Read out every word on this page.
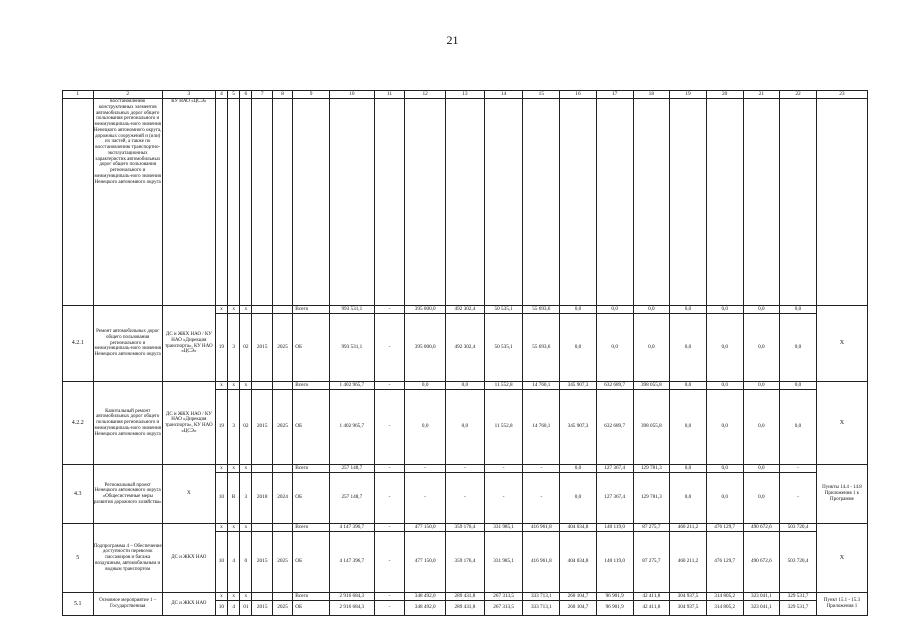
21
1	2	3	4	5	6	7	8	9	10	11	12	13	14	15	16	17	18	19	20	21	22	23
	восстановлению конструктивных элементов автомобильных дорог общего пользования регионального и межмуниципаль-ного значения Ненецкого автономного округа, дорожных сооружений и (или) их частей, а также по восстановлению транспортно-эксплуатационных характеристик автомобильных дорог общего пользования регионального и межмуниципаль-ного значения Ненецкого автономного округа	КУ НАО «ЦСЭ»																				
4.2.1	Ремонт автомобильных дорог общего пользования регионального и межмуниципаль-ного значения Ненецкого автономного округа	ДС и ЖКХ НАО / КУ НАО «Дирекция транспорта», КУ НАО «ЦСЭ»	х	х	х			Всего	993 531,1	-	395 000,0	492 302,4	50 535,1	55 693,6	0,0	0,0	0,0	0,0	0,0	0,0	0,0	Х
			19	3	02	2015	2025	ОБ	993 531,1	-	395 000,0	492 302,4	50 535,1	55 693,6	0,0	0,0	0,0	0,0	0,0	0,0	0,0	
4.2.2	Капитальный ремонт автомобильных дорог общего пользования регионального и межмуниципаль-ного значения Ненецкого автономного округа	ДС и ЖКХ НАО / КУ НАО «Дирекция транспорта», КУ НАО «ЦСЭ»	х	х	х			Всего	1 402 965,7	-	0,0	0,0	11 552,8	14 760,1	345 907,3	632 689,7	398 055,8	0,0	0,0	0,0	0,0	Х
			19	3	02	2015	2025	ОБ	1 402 965,7	-	0,0	0,0	11 552,8	14 760,1	345 907,3	632 689,7	398 055,8	0,0	0,0	0,0	0,0	
4.3	Региональный проект Ненецкого автономного округа «Общесистемные меры развития дорожного хозяйства»	Х	х	х	х			Всего	257 148,7	-	-	-	-	-	0,0	127 367,4	129 781,3	0,0	0,0	0,0	-	Пункты 14.4 - 14.8 Приложения 1 к Программе
			10	R	3	2018	2024	ОБ	257 148,7	-	-	-	-	-	0,0	127 367,4	129 781,3	0,0	0,0	0,0	-	
5	Подпрограмма 4 – Обеспечение доступности перевозок пассажиров и багажа воздушным, автомобильным и водным транспортом	ДС и ЖКХ НАО	х	х	х			Всего	4 147 396,7	-	477 150,0	359 176,4	331 985,1	416 961,8	404 034,8	140 119,0	87 275,7	460 211,2	476 129,7	490 672,6	503 720,4	Х
			10	4	0	2015	2025	ОБ	4 147 396,7	-	477 150,0	359 176,4	331 985,1	416 961,8	404 034,8	140 119,0	87 275,7	460 211,2	476 129,7	490 672,6	503 720,4	
5.1	Основное мероприятие 1 – Государственная	ДС и ЖКХ НАО	х	х	х			Всего	2 916 684,3	-	348 492,0	289 431,8	267 313,5	333 713,1	260 104,7	96 901,9	42 411,8	304 937,5	314 805,2	323 041,1	329 531,7	Пункт 15.1 - 15.3 Приложения 1
			10	4	01	2015	2025	ОБ	2 916 684,3	-	348 492,0	289 431,8	267 313,5	333 713,1	260 104,7	96 901,9	42 411,8	304 937,5	314 805,2	323 041,1	329 531,7	
